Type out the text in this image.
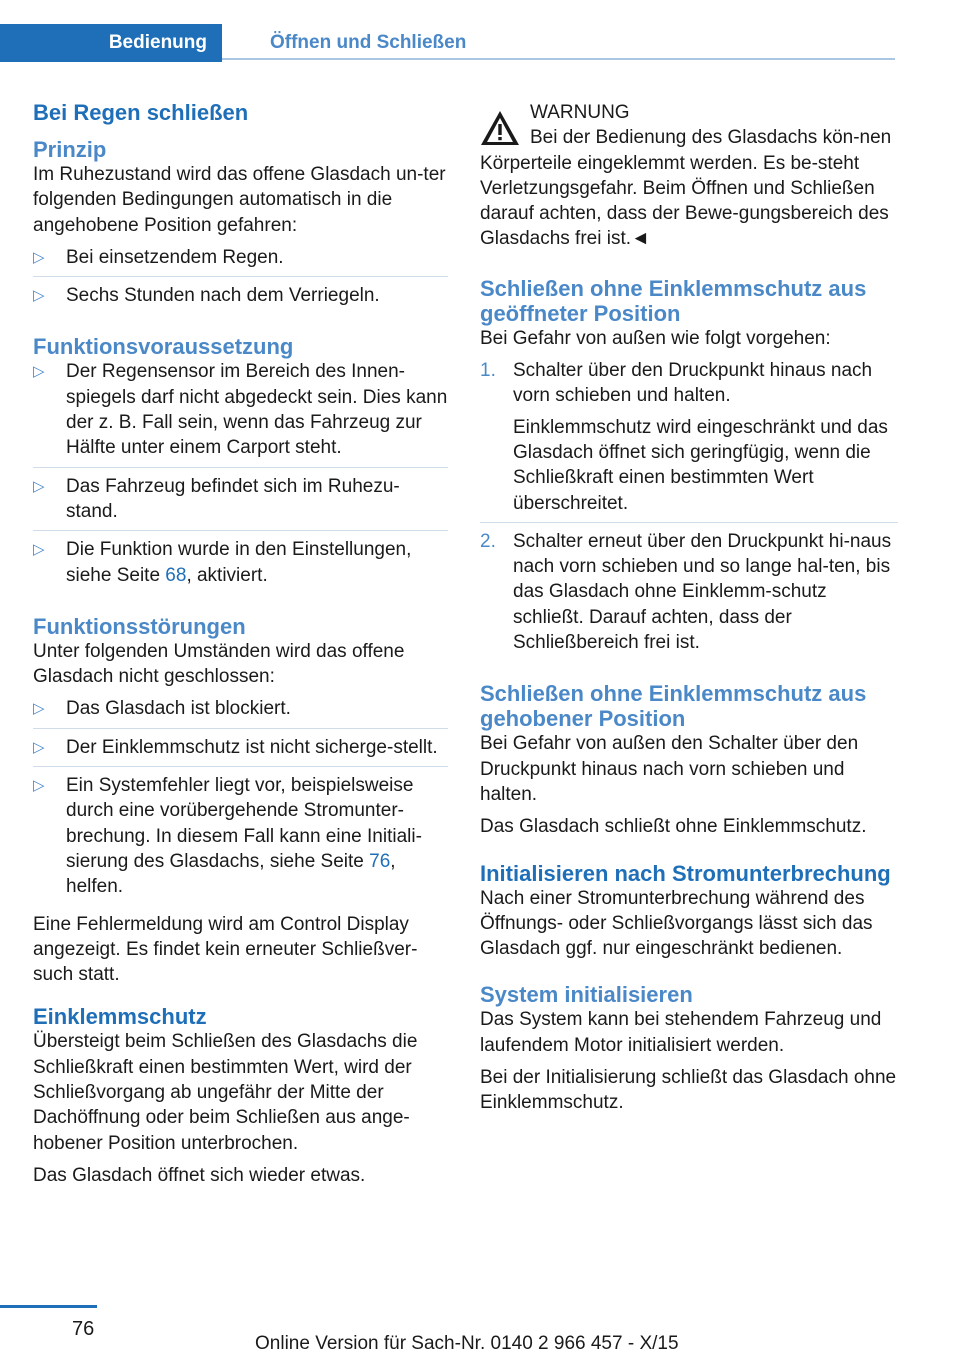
Bedienung	Öffnen und Schließen
Bei Regen schließen
Prinzip

Im Ruhezustand wird das offene Glasdach un-ter folgenden Bedingungen automatisch in die angehobene Position gefahren:

▷ Bei einsetzendem Regen.
▷ Sechs Stunden nach dem Verriegeln.
Funktionsvoraussetzung
▷ Der Regensensor im Bereich des Innen-spiegels darf nicht abgedeckt sein. Dies kann der z. B. Fall sein, wenn das Fahrzeug zur Hälfte unter einem Carport steht.
▷ Das Fahrzeug befindet sich im Ruhezu-stand.
▷ Die Funktion wurde in den Einstellungen, siehe Seite 68, aktiviert.
Funktionsstörungen

Unter folgenden Umständen wird das offene Glasdach nicht geschlossen:

▷ Das Glasdach ist blockiert.
▷ Der Einklemmschutz ist nicht sicherge-stellt.
▷ Ein Systemfehler liegt vor, beispielsweise durch eine vorübergehende Stromunter-brechung. In diesem Fall kann eine Initiali-sierung des Glasdachs, siehe Seite 76, helfen.

Eine Fehlermeldung wird am Control Display angezeigt. Es findet kein erneuter Schließver-such statt.

Einklemmschutz

Übersteigt beim Schließen des Glasdachs die Schließkraft einen bestimmten Wert, wird der Schließvorgang ab ungefähr der Mitte der Dachöffnung oder beim Schließen aus ange-hobener Position unterbrochen.

Das Glasdach öffnet sich wieder etwas.

WARNUNG
Bei der Bedienung des Glasdachs kön-nen Körperteile eingeklemmt werden. Es be-steht Verletzungsgefahr. Beim Öffnen und Schließen darauf achten, dass der Bewe-gungsbereich des Glasdachs frei ist.◄
Schließen ohne Einklemmschutz aus geöffneter Position

Bei Gefahr von außen wie folgt vorgehen:

1. Schalter über den Druckpunkt hinaus nach vorn schieben und halten.
Einklemmschutz wird eingeschränkt und das Glasdach öffnet sich geringfügig, wenn die Schließkraft einen bestimmten Wert überschreitet.
2. Schalter erneut über den Druckpunkt hi-naus nach vorn schieben und so lange hal-ten, bis das Glasdach ohne Einklemm-schutz schließt. Darauf achten, dass der Schließbereich frei ist.
Schließen ohne Einklemmschutz aus gehobener Position

Bei Gefahr von außen den Schalter über den Druckpunkt hinaus nach vorn schieben und halten.

Das Glasdach schließt ohne Einklemmschutz.

Initialisieren nach Stromunterbrechung

Nach einer Stromunterbrechung während des Öffnungs- oder Schließvorgangs lässt sich das Glasdach ggf. nur eingeschränkt bedienen.

System initialisieren

Das System kann bei stehendem Fahrzeug und laufendem Motor initialisiert werden.

Bei der Initialisierung schließt das Glasdach ohne Einklemmschutz.

76
Online Version für Sach-Nr. 0140 2 966 457 - X/15
